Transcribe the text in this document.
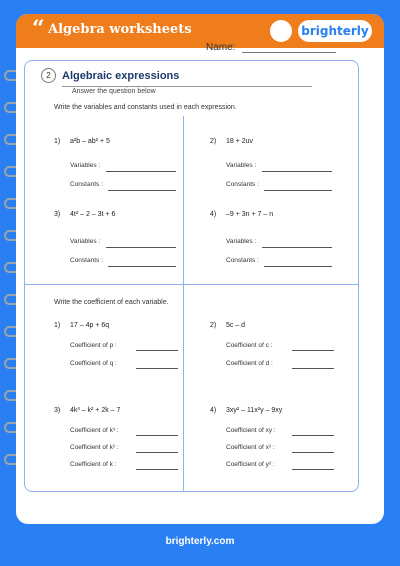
“ Algebra worksheets	brighterly
Name:
2	Algebraic expressions
Answer the question below
Write the variables and constants used in each expression.
1) a²b – ab² + 5
Variables :
Constants :
2) 18 + 2uv
Variables :
Constants :
3) 4t² – 2 – 3t + 6
Variables :
Constants :
4) –9 + 3n + 7 – n
Variables :
Constants :
Write the coefficient of each variable.
1) 17 – 4p + 6q
Coefficient of p :
Coefficient of q :
2) 5c – d
Coefficient of c :
Coefficient of d :
3) 4k³ – k² + 2k – 7
Coefficient of k³ :
Coefficient of k² :
Coefficient of k :
4) 3xy² – 11x²y – 9xy
Coefficient of xy :
Coefficient of x² :
Coefficient of y² :
brighterly.com
